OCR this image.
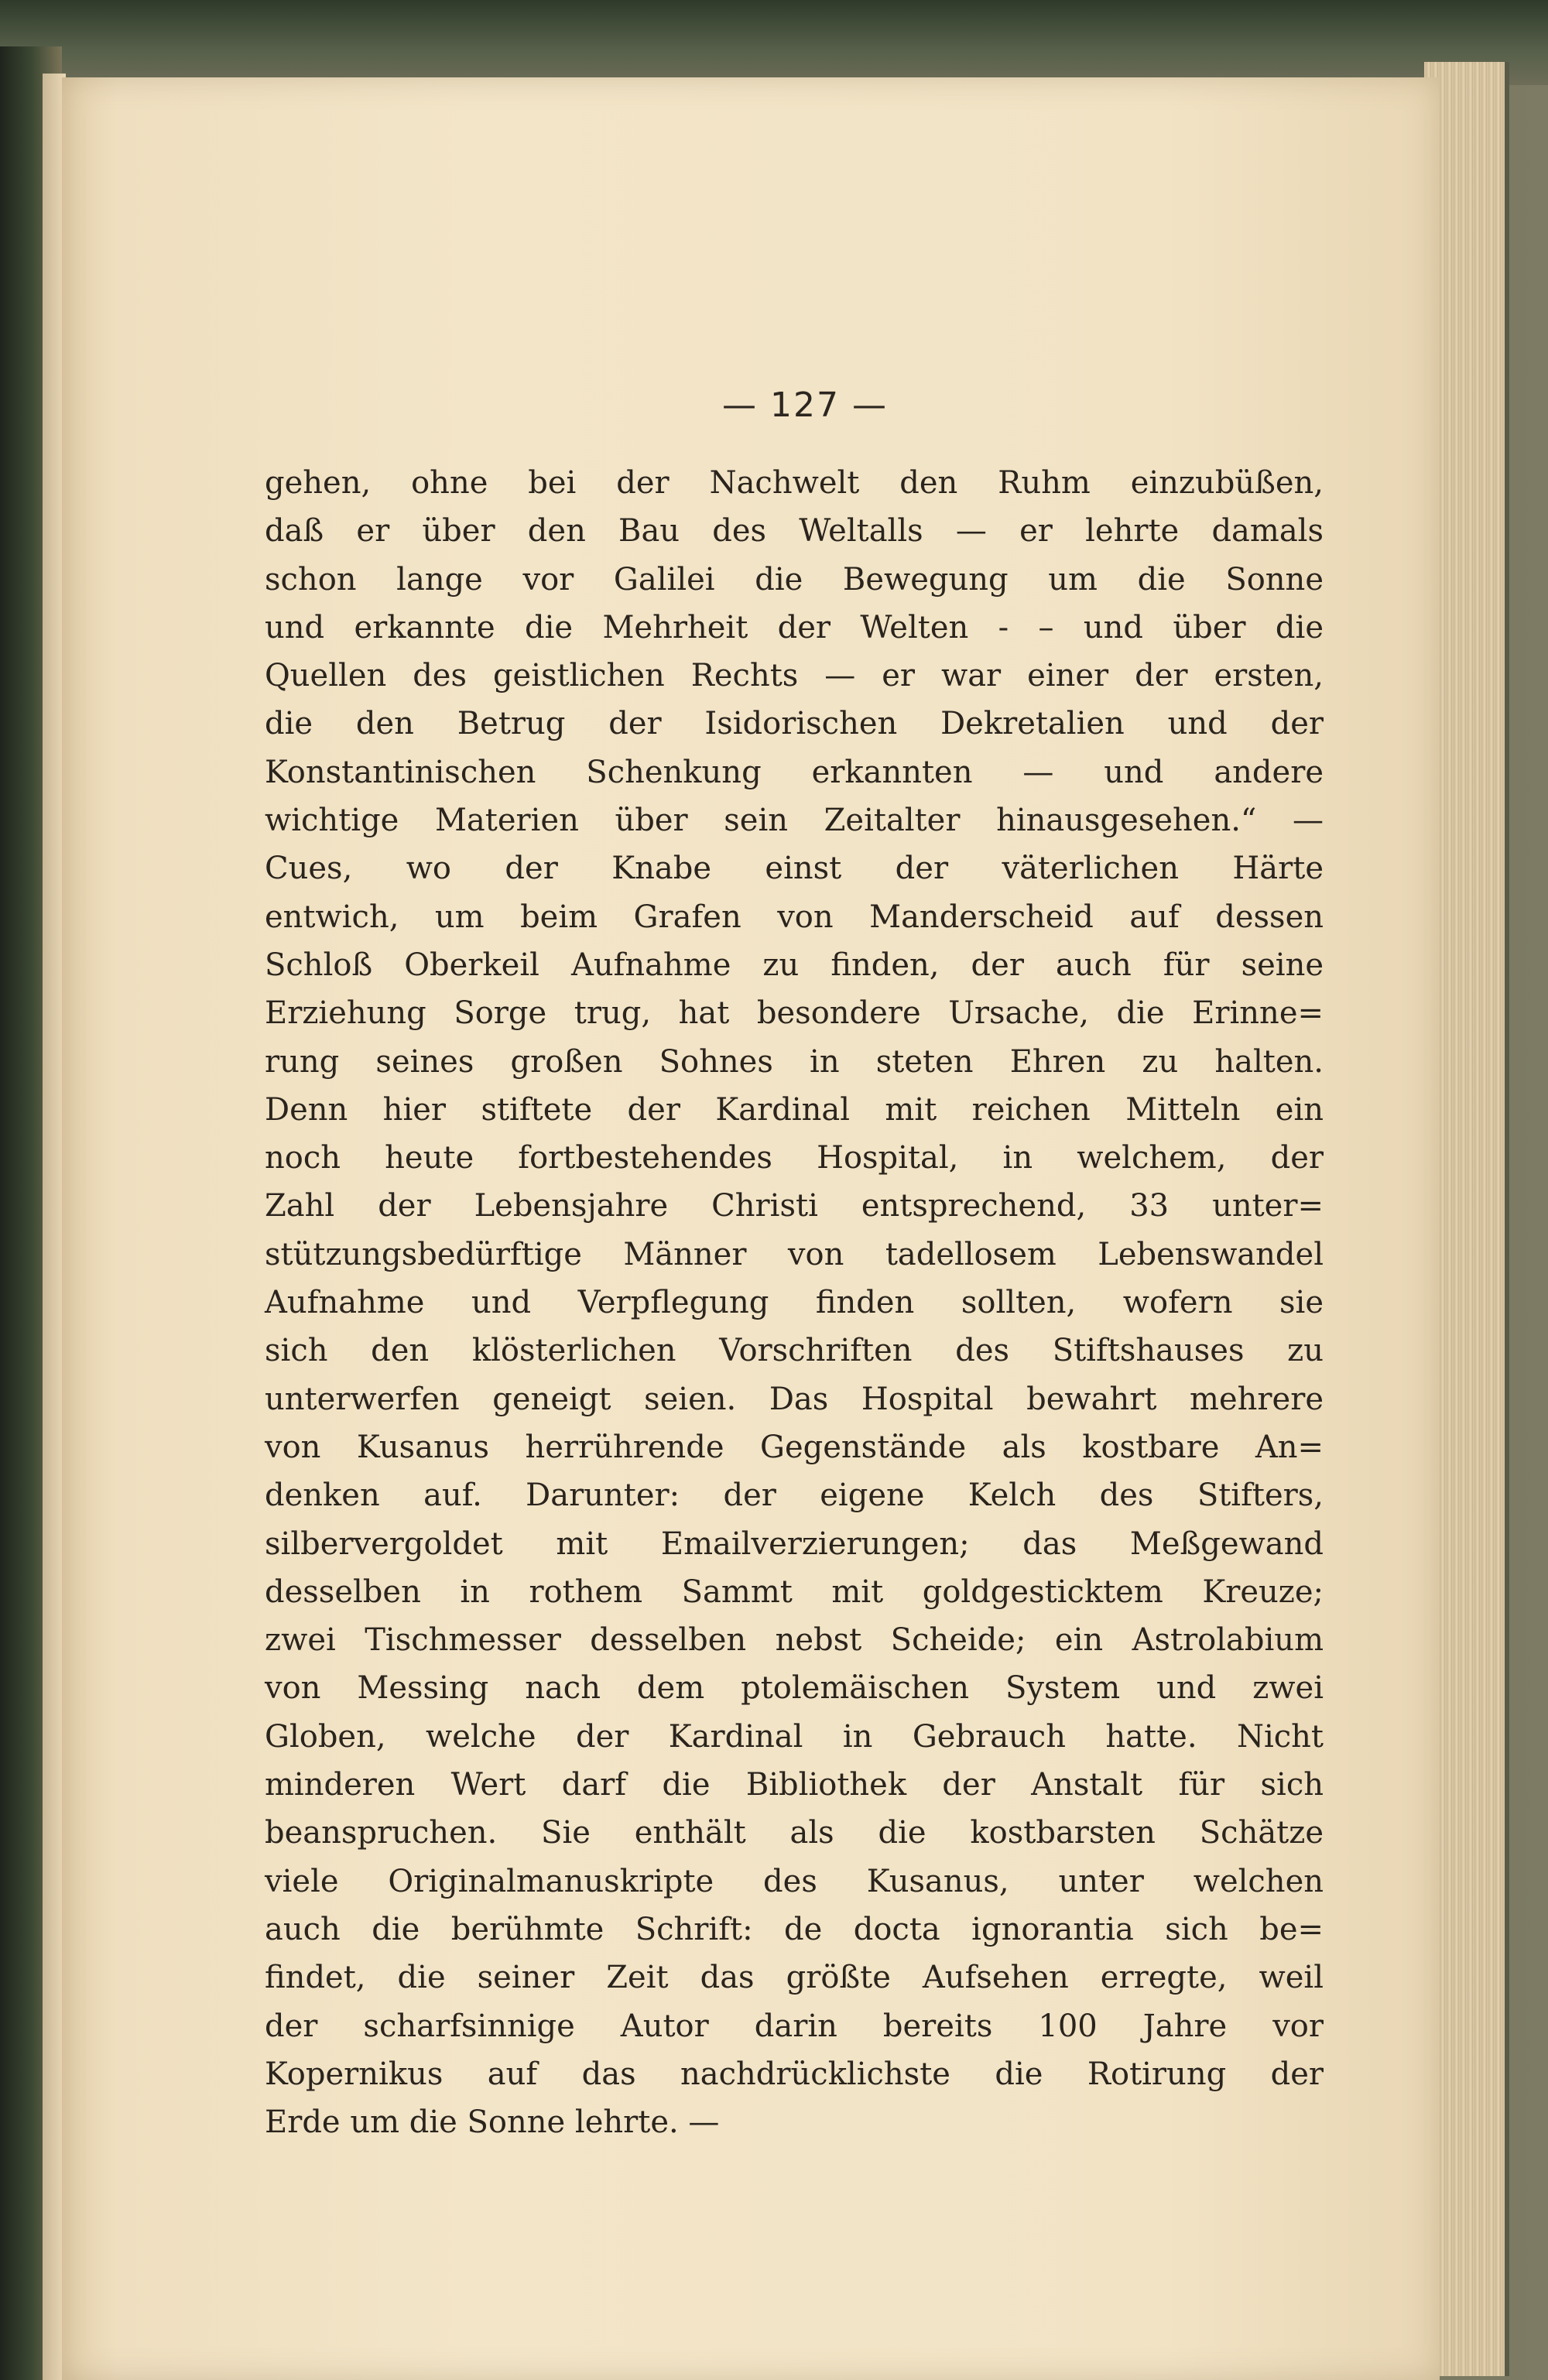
— 127 —
gehen, ohne bei der Nachwelt den Ruhm einzubüßen,
daß er über den Bau des Weltalls — er lehrte damals
schon lange vor Galilei die Bewegung um die Sonne
und erkannte die Mehrheit der Welten - – und über die
Quellen des geistlichen Rechts — er war einer der ersten,
die den Betrug der Isidorischen Dekretalien und der
Konstantinischen Schenkung erkannten — und andere
wichtige Materien über sein Zeitalter hinausgesehen.“ —
Cues, wo der Knabe einst der väterlichen Härte
entwich, um beim Grafen von Manderscheid auf dessen
Schloß Oberkeil Aufnahme zu finden, der auch für seine
Erziehung Sorge trug, hat besondere Ursache, die Erinne=
rung seines großen Sohnes in steten Ehren zu halten.
Denn hier stiftete der Kardinal mit reichen Mitteln ein
noch heute fortbestehendes Hospital, in welchem, der
Zahl der Lebensjahre Christi entsprechend, 33 unter=
stützungsbedürftige Männer von tadellosem Lebenswandel
Aufnahme und Verpflegung finden sollten, wofern sie
sich den klösterlichen Vorschriften des Stiftshauses zu
unterwerfen geneigt seien. Das Hospital bewahrt mehrere
von Kusanus herrührende Gegenstände als kostbare An=
denken auf. Darunter: der eigene Kelch des Stifters,
silbervergoldet mit Emailverzierungen; das Meßgewand
desselben in rothem Sammt mit goldgesticktem Kreuze;
zwei Tischmesser desselben nebst Scheide; ein Astrolabium
von Messing nach dem ptolemäischen System und zwei
Globen, welche der Kardinal in Gebrauch hatte. Nicht
minderen Wert darf die Bibliothek der Anstalt für sich
beanspruchen. Sie enthält als die kostbarsten Schätze
viele Originalmanuskripte des Kusanus, unter welchen
auch die berühmte Schrift: de docta ignorantia sich be=
findet, die seiner Zeit das größte Aufsehen erregte, weil
der scharfsinnige Autor darin bereits 100 Jahre vor
Kopernikus auf das nachdrücklichste die Rotirung der
Erde um die Sonne lehrte. —
